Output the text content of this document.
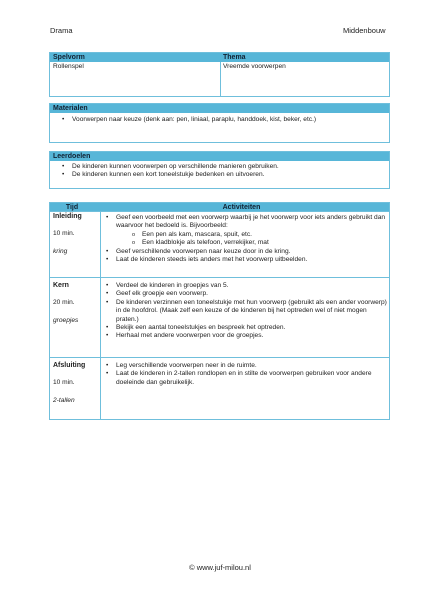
Drama	Middenbouw
Spelvorm
Rollenspel
Thema
Vreemde voorwerpen
Materialen
• Voorwerpen naar keuze (denk aan: pen, liniaal, paraplu, handdoek, kist, beker, etc.)
Leerdoelen
• De kinderen kunnen voorwerpen op verschillende manieren gebruiken.
• De kinderen kunnen een kort toneelstukje bedenken en uitvoeren.
Tijd	Activiteiten
Inleiding
10 min.
kring
• Geef een voorbeeld met een voorwerp waarbij je het voorwerp voor iets anders gebruikt dan waarvoor het bedoeld is. Bijvoorbeeld:
o Een pen als kam, mascara, spuit, etc.
o Een kladblokje als telefoon, verrekijker, mat
• Geef verschillende voorwerpen naar keuze door in de kring.
• Laat de kinderen steeds iets anders met het voorwerp uitbeelden.
Kern
20 min.
groepjes
• Verdeel de kinderen in groepjes van 5.
• Geef elk groepje een voorwerp.
• De kinderen verzinnen een toneelstukje met hun voorwerp (gebruikt als een ander voorwerp) in de hoofdrol. (Maak zelf een keuze of de kinderen bij het optreden wel of niet mogen praten.)
• Bekijk een aantal toneelstukjes en bespreek het optreden.
• Herhaal met andere voorwerpen voor de groepjes.
Afsluiting
10 min.
2-tallen
• Leg verschillende voorwerpen neer in de ruimte.
• Laat de kinderen in 2-tallen rondlopen en in stilte de voorwerpen gebruiken voor andere doeleinde dan gebruikelijk.
© www.juf-milou.nl
